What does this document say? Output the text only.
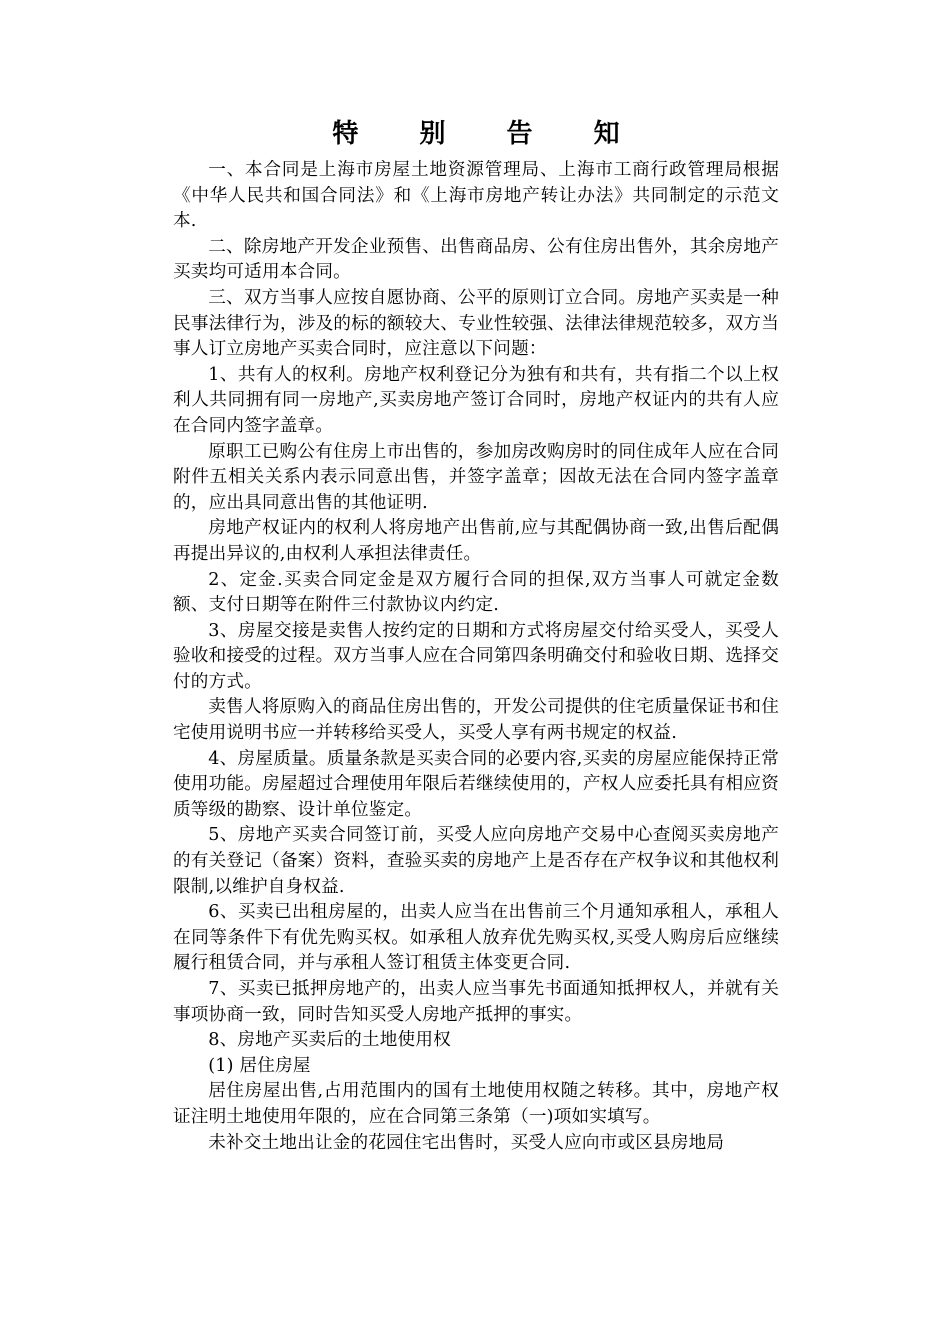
特 别 告 知

一、本合同是上海市房屋土地资源管理局、上海市工商行政管理局根据《中华人民共和国合同法》和《上海市房地产转让办法》共同制定的示范文本.

二、除房地产开发企业预售、出售商品房、公有住房出售外，其余房地产买卖均可适用本合同。

三、双方当事人应按自愿协商、公平的原则订立合同。房地产买卖是一种民事法律行为，涉及的标的额较大、专业性较强、法律法律规范较多，双方当事人订立房地产买卖合同时，应注意以下问题：

1、共有人的权利。房地产权利登记分为独有和共有，共有指二个以上权利人共同拥有同一房地产,买卖房地产签订合同时，房地产权证内的共有人应在合同内签字盖章。

原职工已购公有住房上市出售的，参加房改购房时的同住成年人应在合同附件五相关关系内表示同意出售，并签字盖章；因故无法在合同内签字盖章的，应出具同意出售的其他证明.

房地产权证内的权利人将房地产出售前,应与其配偶协商一致,出售后配偶再提出异议的,由权利人承担法律责任。

2、定金.买卖合同定金是双方履行合同的担保,双方当事人可就定金数额、支付日期等在附件三付款协议内约定.

3、房屋交接是卖售人按约定的日期和方式将房屋交付给买受人，买受人验收和接受的过程。双方当事人应在合同第四条明确交付和验收日期、选择交付的方式。

卖售人将原购入的商品住房出售的，开发公司提供的住宅质量保证书和住宅使用说明书应一并转移给买受人，买受人享有两书规定的权益.

4、房屋质量。质量条款是买卖合同的必要内容,买卖的房屋应能保持正常使用功能。房屋超过合理使用年限后若继续使用的，产权人应委托具有相应资质等级的勘察、设计单位鉴定。

5、房地产买卖合同签订前，买受人应向房地产交易中心查阅买卖房地产的有关登记（备案）资料，查验买卖的房地产上是否存在产权争议和其他权利限制,以维护自身权益.

6、买卖已出租房屋的，出卖人应当在出售前三个月通知承租人，承租人在同等条件下有优先购买权。如承租人放弃优先购买权,买受人购房后应继续履行租赁合同，并与承租人签订租赁主体变更合同.

7、买卖已抵押房地产的，出卖人应当事先书面通知抵押权人，并就有关事项协商一致，同时告知买受人房地产抵押的事实。

8、房地产买卖后的土地使用权

(1) 居住房屋

居住房屋出售,占用范围内的国有土地使用权随之转移。其中，房地产权证注明土地使用年限的，应在合同第三条第（一)项如实填写。

未补交土地出让金的花园住宅出售时，买受人应向市或区县房地局
